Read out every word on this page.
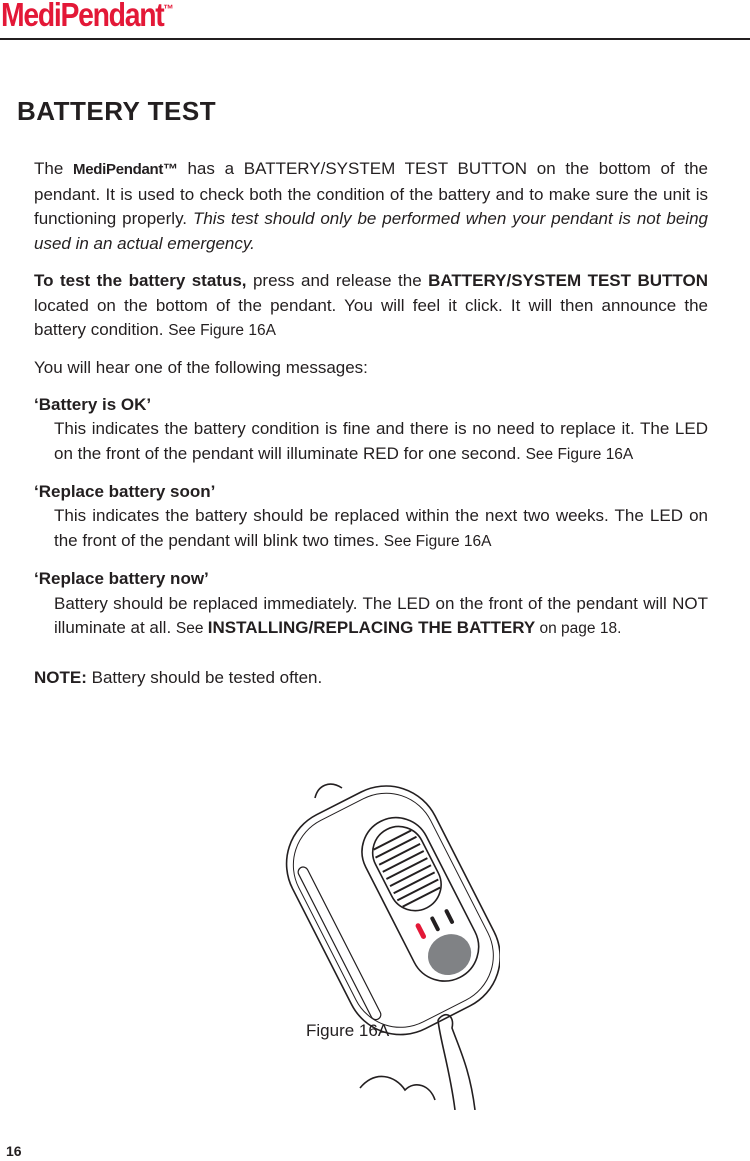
MediPendant™
BATTERY TEST

The MediPendant™ has a BATTERY/SYSTEM TEST BUTTON on the bottom of the pendant. It is used to check both the condition of the battery and to make sure the unit is functioning properly. This test should only be performed when your pendant is not being used in an actual emergency.

To test the battery status, press and release the BATTERY/SYSTEM TEST BUTTON located on the bottom of the pendant. You will feel it click. It will then announce the battery condition. See Figure 16A

You will hear one of the following messages:

‘Battery is OK’

This indicates the battery condition is fine and there is no need to replace it. The LED on the front of the pendant will illuminate RED for one second. See Figure 16A

‘Replace battery soon’

This indicates the battery should be replaced within the next two weeks. The LED on the front of the pendant will blink two times. See Figure 16A

‘Replace battery now’

Battery should be replaced immediately. The LED on the front of the pendant will NOT illuminate at all. See INSTALLING/REPLACING THE BATTERY on page 18.

NOTE: Battery should be tested often.

Figure 16A
16
